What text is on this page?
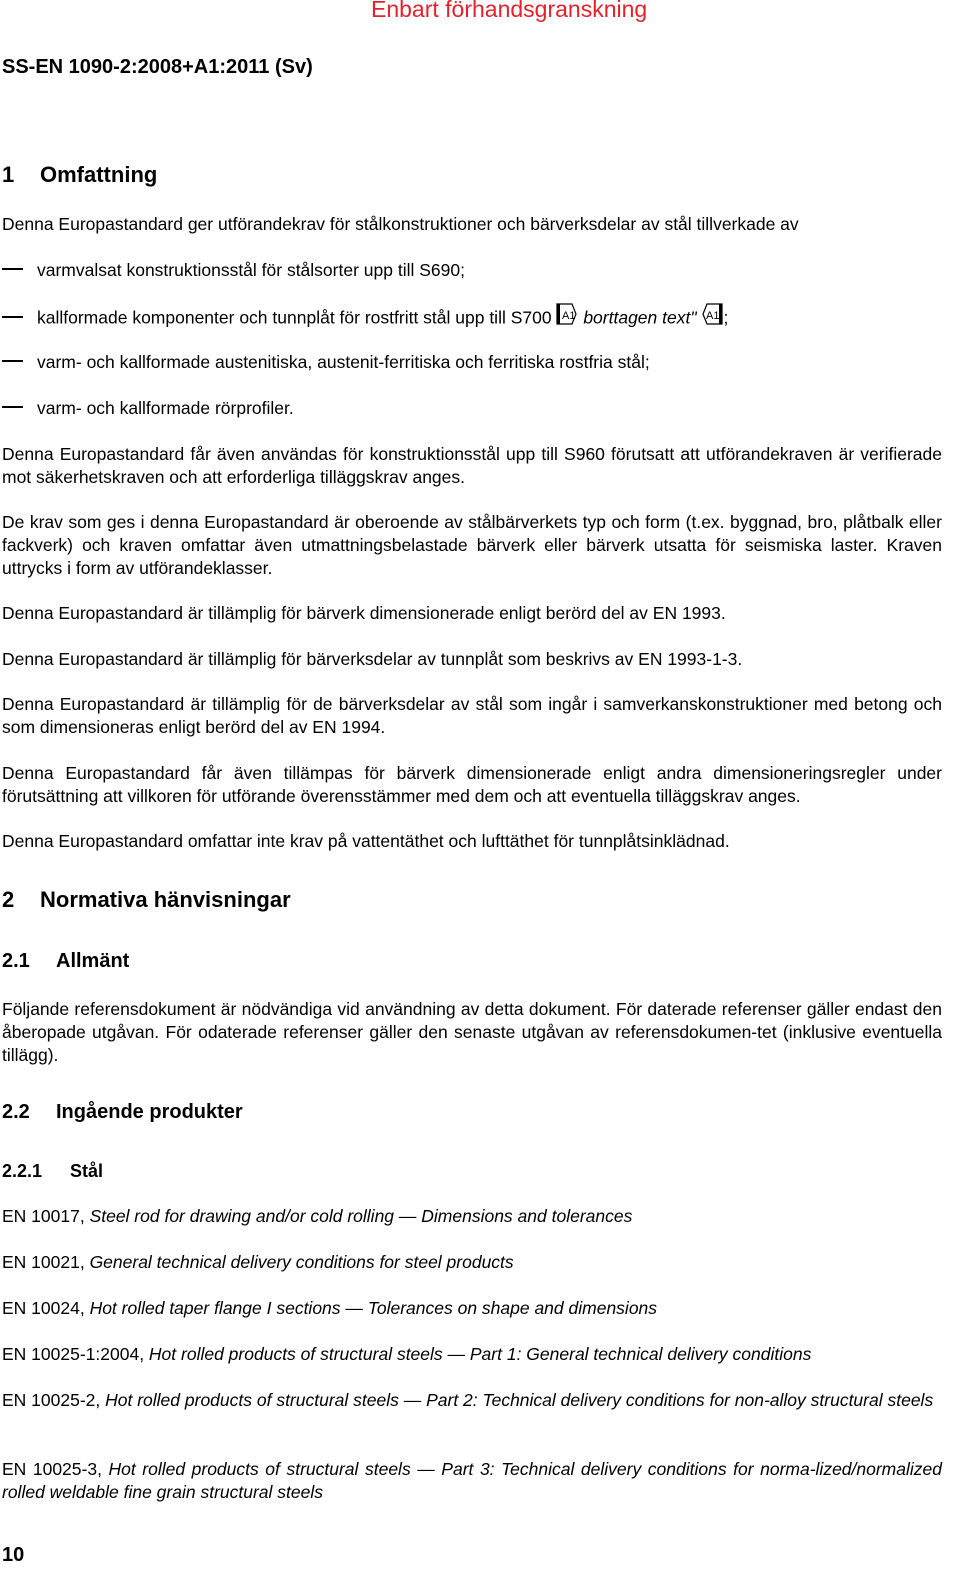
Enbart förhandsgranskning
SS-EN 1090-2:2008+A1:2011 (Sv)
1 Omfattning
Denna Europastandard ger utförandekrav för stålkonstruktioner och bärverksdelar av stål tillverkade av
varmvalsat konstruktionsstål för stålsorter upp till S690;
kallformade komponenter och tunnplåt för rostfritt stål upp till S700 A1 borttagen text" A1 ;
varm- och kallformade austenitiska, austenit-ferritiska och ferritiska rostfria stål;
varm- och kallformade rörprofiler.
Denna Europastandard får även användas för konstruktionsstål upp till S960 förutsatt att utförandekraven är verifierade mot säkerhetskraven och att erforderliga tilläggskrav anges.
De krav som ges i denna Europastandard är oberoende av stålbärverkets typ och form (t.ex. byggnad, bro, plåtbalk eller fackverk) och kraven omfattar även utmattningsbelastade bärverk eller bärverk utsatta för seismiska laster. Kraven uttrycks i form av utförandeklasser.
Denna Europastandard är tillämplig för bärverk dimensionerade enligt berörd del av EN 1993.
Denna Europastandard är tillämplig för bärverksdelar av tunnplåt som beskrivs av EN 1993-1-3.
Denna Europastandard är tillämplig för de bärverksdelar av stål som ingår i samverkanskonstruktioner med betong och som dimensioneras enligt berörd del av EN 1994.
Denna Europastandard får även tillämpas för bärverk dimensionerade enligt andra dimensioneringsregler under förutsättning att villkoren för utförande överensstämmer med dem och att eventuella tilläggskrav anges.
Denna Europastandard omfattar inte krav på vattentäthet och lufttäthet för tunnplåtsinklädnad.
2 Normativa hänvisningar
2.1 Allmänt
Följande referensdokument är nödvändiga vid användning av detta dokument. För daterade referenser gäller endast den åberopade utgåvan. För odaterade referenser gäller den senaste utgåvan av referensdokumen-tet (inklusive eventuella tillägg).
2.2 Ingående produkter
2.2.1 Stål
EN 10017, Steel rod for drawing and/or cold rolling — Dimensions and tolerances
EN 10021, General technical delivery conditions for steel products
EN 10024, Hot rolled taper flange I sections — Tolerances on shape and dimensions
EN 10025-1:2004, Hot rolled products of structural steels — Part 1: General technical delivery conditions
EN 10025-2, Hot rolled products of structural steels — Part 2: Technical delivery conditions for non-alloy structural steels
EN 10025-3, Hot rolled products of structural steels — Part 3: Technical delivery conditions for norma-lized/normalized rolled weldable fine grain structural steels
10
